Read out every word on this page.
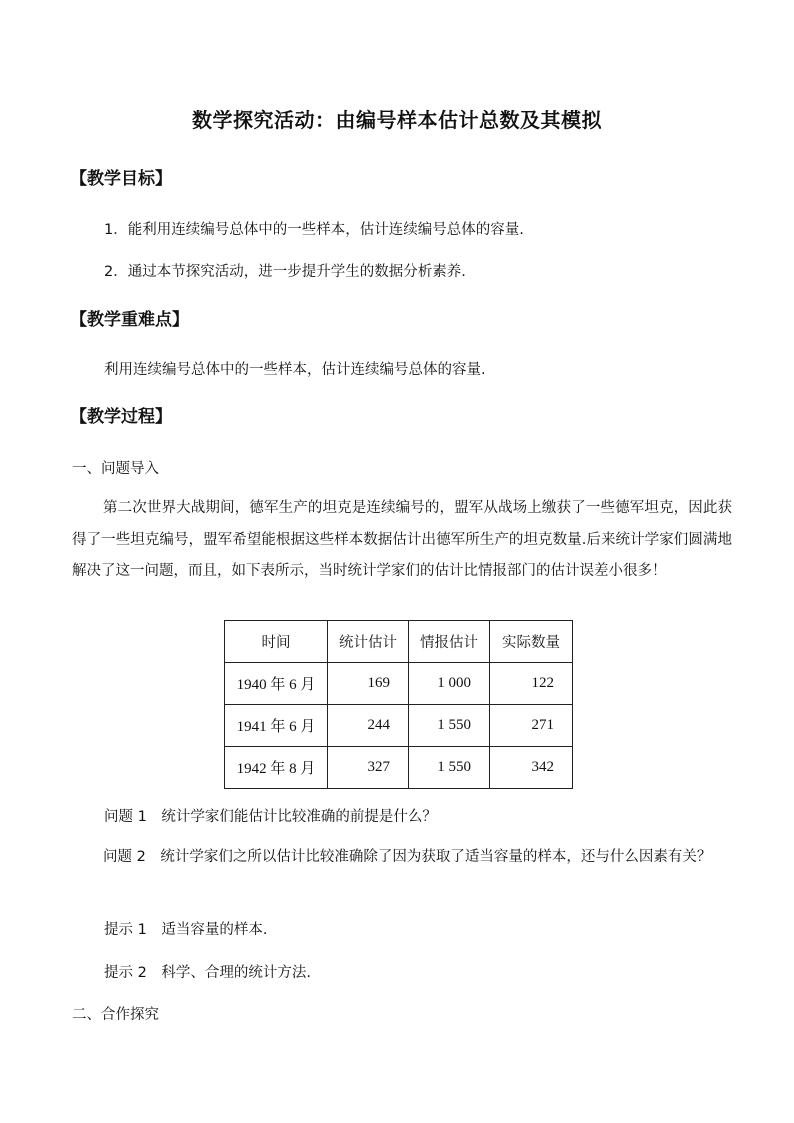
数学探究活动：由编号样本估计总数及其模拟
【教学目标】
1．能利用连续编号总体中的一些样本，估计连续编号总体的容量.
2．通过本节探究活动，进一步提升学生的数据分析素养.
【教学重难点】
利用连续编号总体中的一些样本，估计连续编号总体的容量.
【教学过程】
一、问题导入
第二次世界大战期间，德军生产的坦克是连续编号的，盟军从战场上缴获了一些德军坦克，因此获得了一些坦克编号，盟军希望能根据这些样本数据估计出德军所生产的坦克数量.后来统计学家们圆满地解决了这一问题，而且，如下表所示，当时统计学家们的估计比情报部门的估计误差小很多！
时间	统计估计	情报估计	实际数量
1940 年 6 月	169	1 000	122
1941 年 6 月	244	1 550	271
1942 年 8 月	327	1 550	342
问题 1　统计学家们能估计比较准确的前提是什么？
问题 2　统计学家们之所以估计比较准确除了因为获取了适当容量的样本，还与什么因素有关？
提示 1　适当容量的样本.
提示 2　科学、合理的统计方法.
二、合作探究
